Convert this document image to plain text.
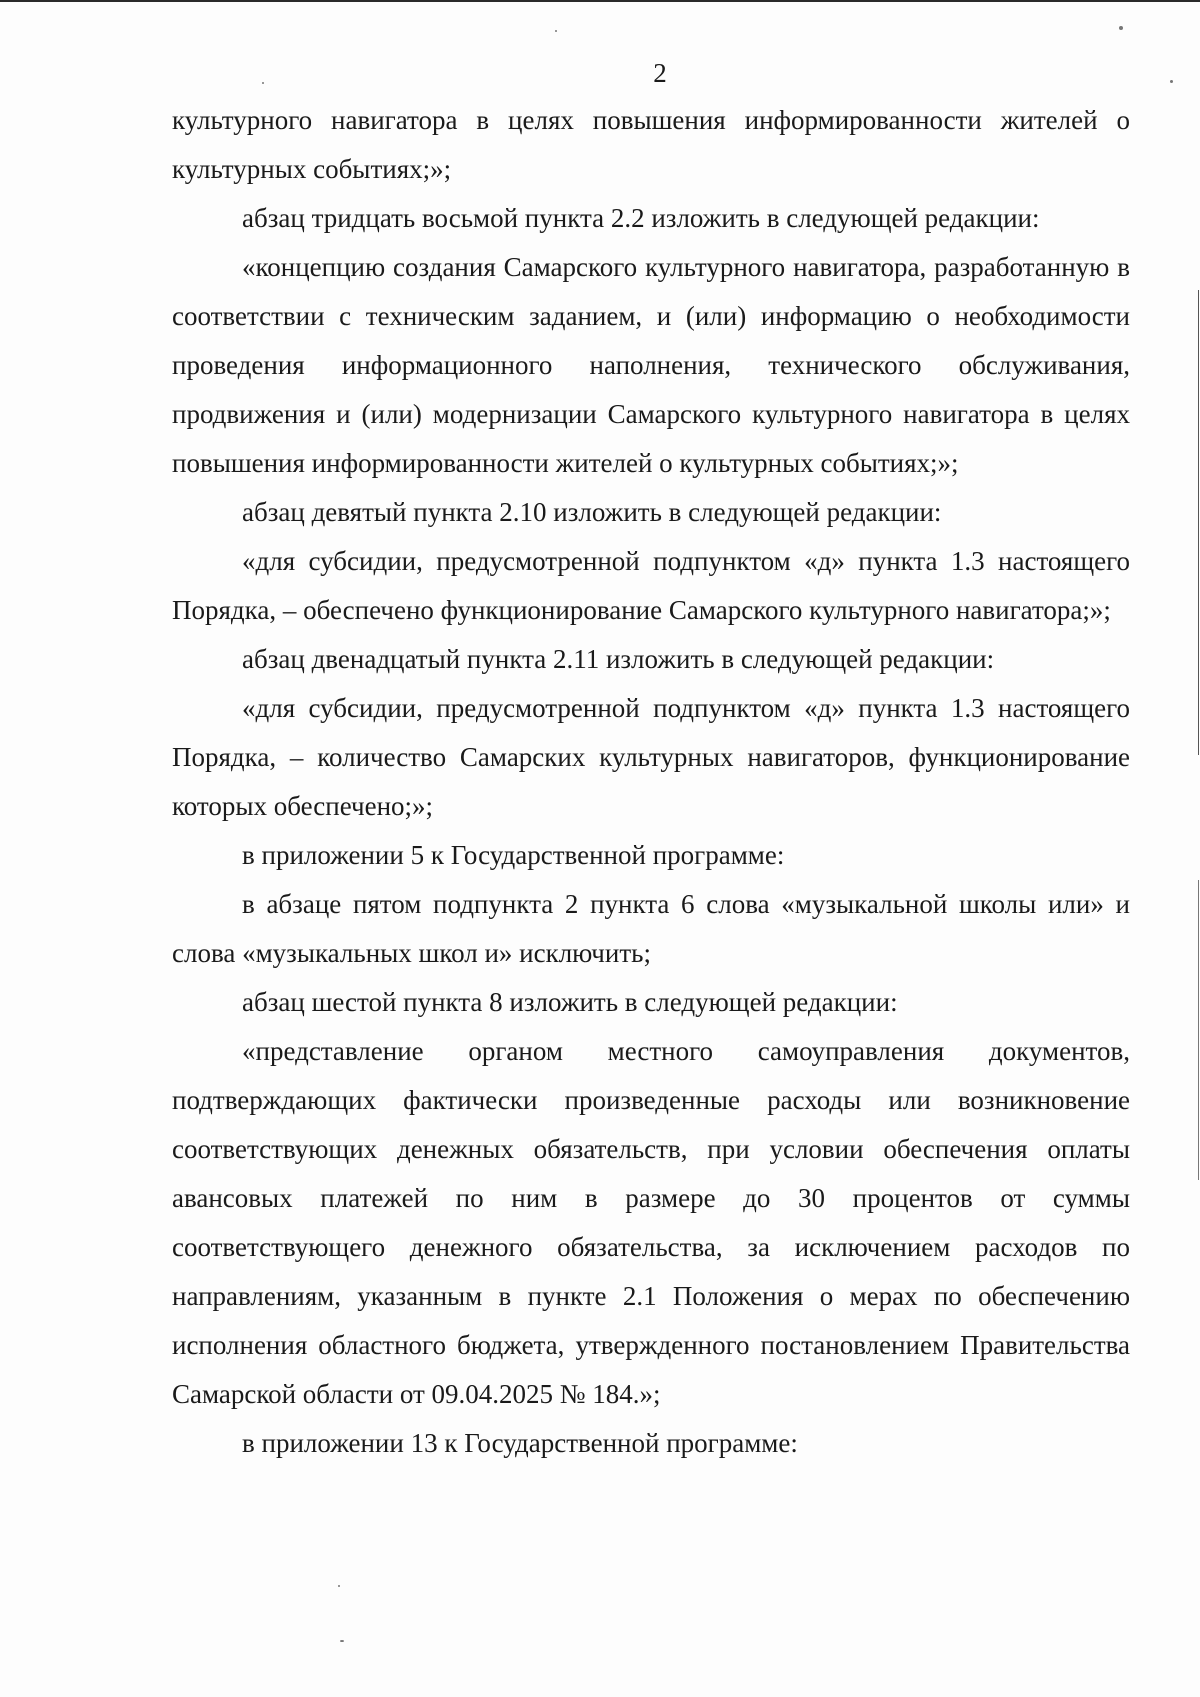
2

культурного навигатора в целях повышения информированности жителей о культурных событиях;»;

абзац тридцать восьмой пункта 2.2 изложить в следующей редакции:

«концепцию создания Самарского культурного навигатора, разработанную в соответствии с техническим заданием, и (или) информацию о необходимости проведения информационного наполнения, технического обслуживания, продвижения и (или) модернизации Самарского культурного навигатора в целях повышения информированности жителей о культурных событиях;»;

абзац девятый пункта 2.10 изложить в следующей редакции:

«для субсидии, предусмотренной подпунктом «д» пункта 1.3 настоящего Порядка, – обеспечено функционирование Самарского культурного навигатора;»;

абзац двенадцатый пункта 2.11 изложить в следующей редакции:

«для субсидии, предусмотренной подпунктом «д» пункта 1.3 настоящего Порядка, – количество Самарских культурных навигаторов, функционирование которых обеспечено;»;

в приложении 5 к Государственной программе:

в абзаце пятом подпункта 2 пункта 6 слова «музыкальной школы или» и слова «музыкальных школ и» исключить;

абзац шестой пункта 8 изложить в следующей редакции:

«представление органом местного самоуправления документов, подтверждающих фактически произведенные расходы или возникновение соответствующих денежных обязательств, при условии обеспечения оплаты авансовых платежей по ним в размере до 30 процентов от суммы соответствующего денежного обязательства, за исключением расходов по направлениям, указанным в пункте 2.1 Положения о мерах по обеспечению исполнения областного бюджета, утвержденного постановлением Правительства Самарской области от 09.04.2025 № 184.»;

в приложении 13 к Государственной программе:
